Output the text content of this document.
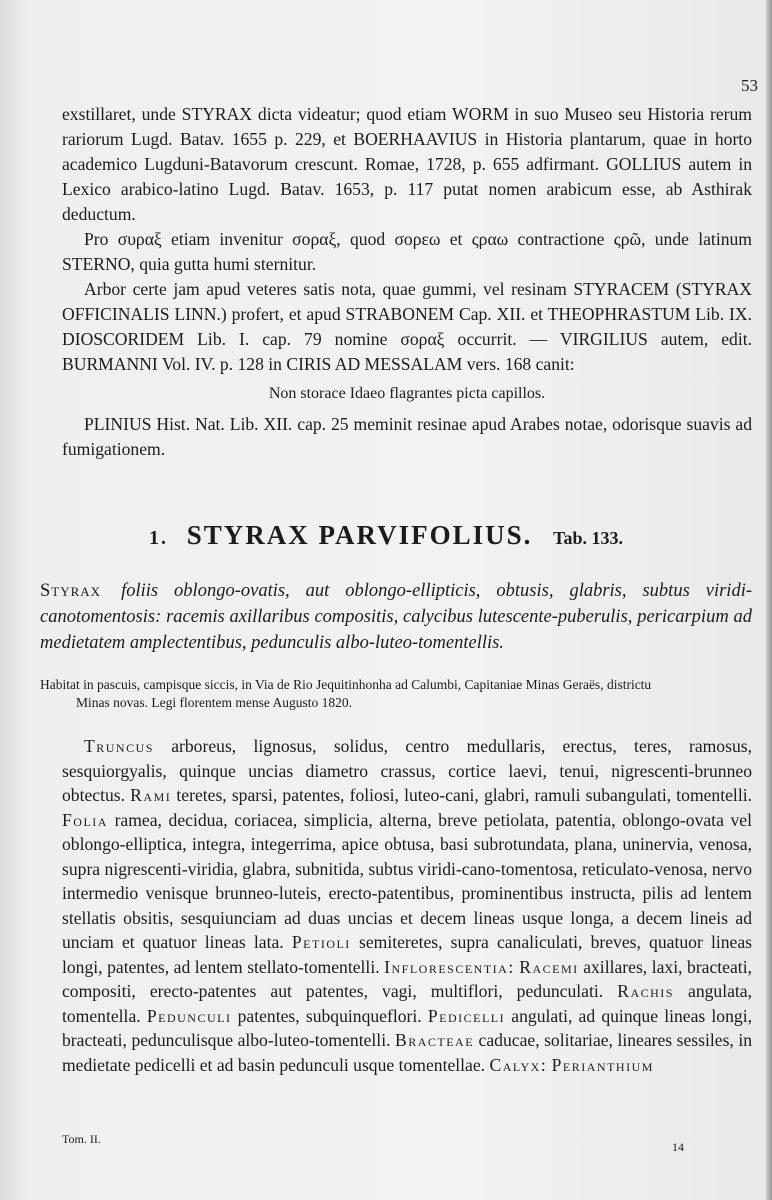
53

exstillaret, unde STYRAX dicta videatur; quod etiam WORM in suo Museo seu Historia rerum rariorum Lugd. Batav. 1655 p. 229, et BOERHAAVIUS in Historia plantarum, quae in horto academico Lugduni-Batavorum crescunt. Romae, 1728, p. 655 adfirmant. GOLLIUS autem in Lexico arabico-latino Lugd. Batav. 1653, p. 117 putat nomen arabicum esse, ab Asthirak deductum.

Pro συραξ etiam invenitur σοραξ, quod σορεω et ςραω contractione ςρῶ, unde latinum STERNO, quia gutta humi sternitur.

Arbor certe jam apud veteres satis nota, quae gummi, vel resinam STYRACEM (STYRAX OFFICINALIS LINN.) profert, et apud STRABONEM Cap. XII. et THEOPHRASTUM Lib. IX. DIOSCORIDEM Lib. I. cap. 79 nomine σοραξ occurrit. — VIRGILIUS autem, edit. BURMANNI Vol. IV. p. 128 in CIRIS AD MESSALAM vers. 168 canit:

Non storace Idaeo flagrantes picta capillos.

PLINIUS Hist. Nat. Lib. XII. cap. 25 meminit resinae apud Arabes notae, odorisque suavis ad fumigationem.

1. STYRAX PARVIFOLIUS. Tab. 133.

Styrax foliis oblongo-ovatis, aut oblongo-ellipticis, obtusis, glabris, subtus viridi-canotomentosis: racemis axillaribus compositis, calycibus lutescente-puberulis, pericarpium ad medietatem amplectentibus, pedunculis albo-luteo-tomentellis.

Habitat in pascuis, campisque siccis, in Via de Rio Jequitinhonha ad Calumbi, Capitaniae Minas Geraës, districtu
Minas novas. Legi florentem mense Augusto 1820.

Truncus arboreus, lignosus, solidus, centro medullaris, erectus, teres, ramosus, sesquiorgyalis, quinque uncias diametro crassus, cortice laevi, tenui, nigrescenti-brunneo obtectus. Rami teretes, sparsi, patentes, foliosi, luteo-cani, glabri, ramuli subangulati, tomentelli. Folia ramea, decidua, coriacea, simplicia, alterna, breve petiolata, patentia, oblongo-ovata vel oblongo-elliptica, integra, integerrima, apice obtusa, basi subrotundata, plana, uninervia, venosa, supra nigrescenti-viridia, glabra, subnitida, subtus viridi-cano-tomentosa, reticulato-venosa, nervo intermedio venisque brunneo-luteis, erecto-patentibus, prominentibus instructa, pilis ad lentem stellatis obsitis, sesquiunciam ad duas uncias et decem lineas usque longa, a decem lineis ad unciam et quatuor lineas lata. Petioli semiteretes, supra canaliculati, breves, quatuor lineas longi, patentes, ad lentem stellato-tomentelli. Inflorescentia: Racemi axillares, laxi, bracteati, compositi, erecto-patentes aut patentes, vagi, multiflori, pedunculati. Rachis angulata, tomentella. Pedunculi patentes, subquinqueflori. Pedicelli angulati, ad quinque lineas longi, bracteati, pedunculisque albo-luteo-tomentelli. Bracteae caducae, solitariae, lineares sessiles, in medietate pedicelli et ad basin pedunculi usque tomentellae. Calyx: Perianthium

Tom. II.

14
